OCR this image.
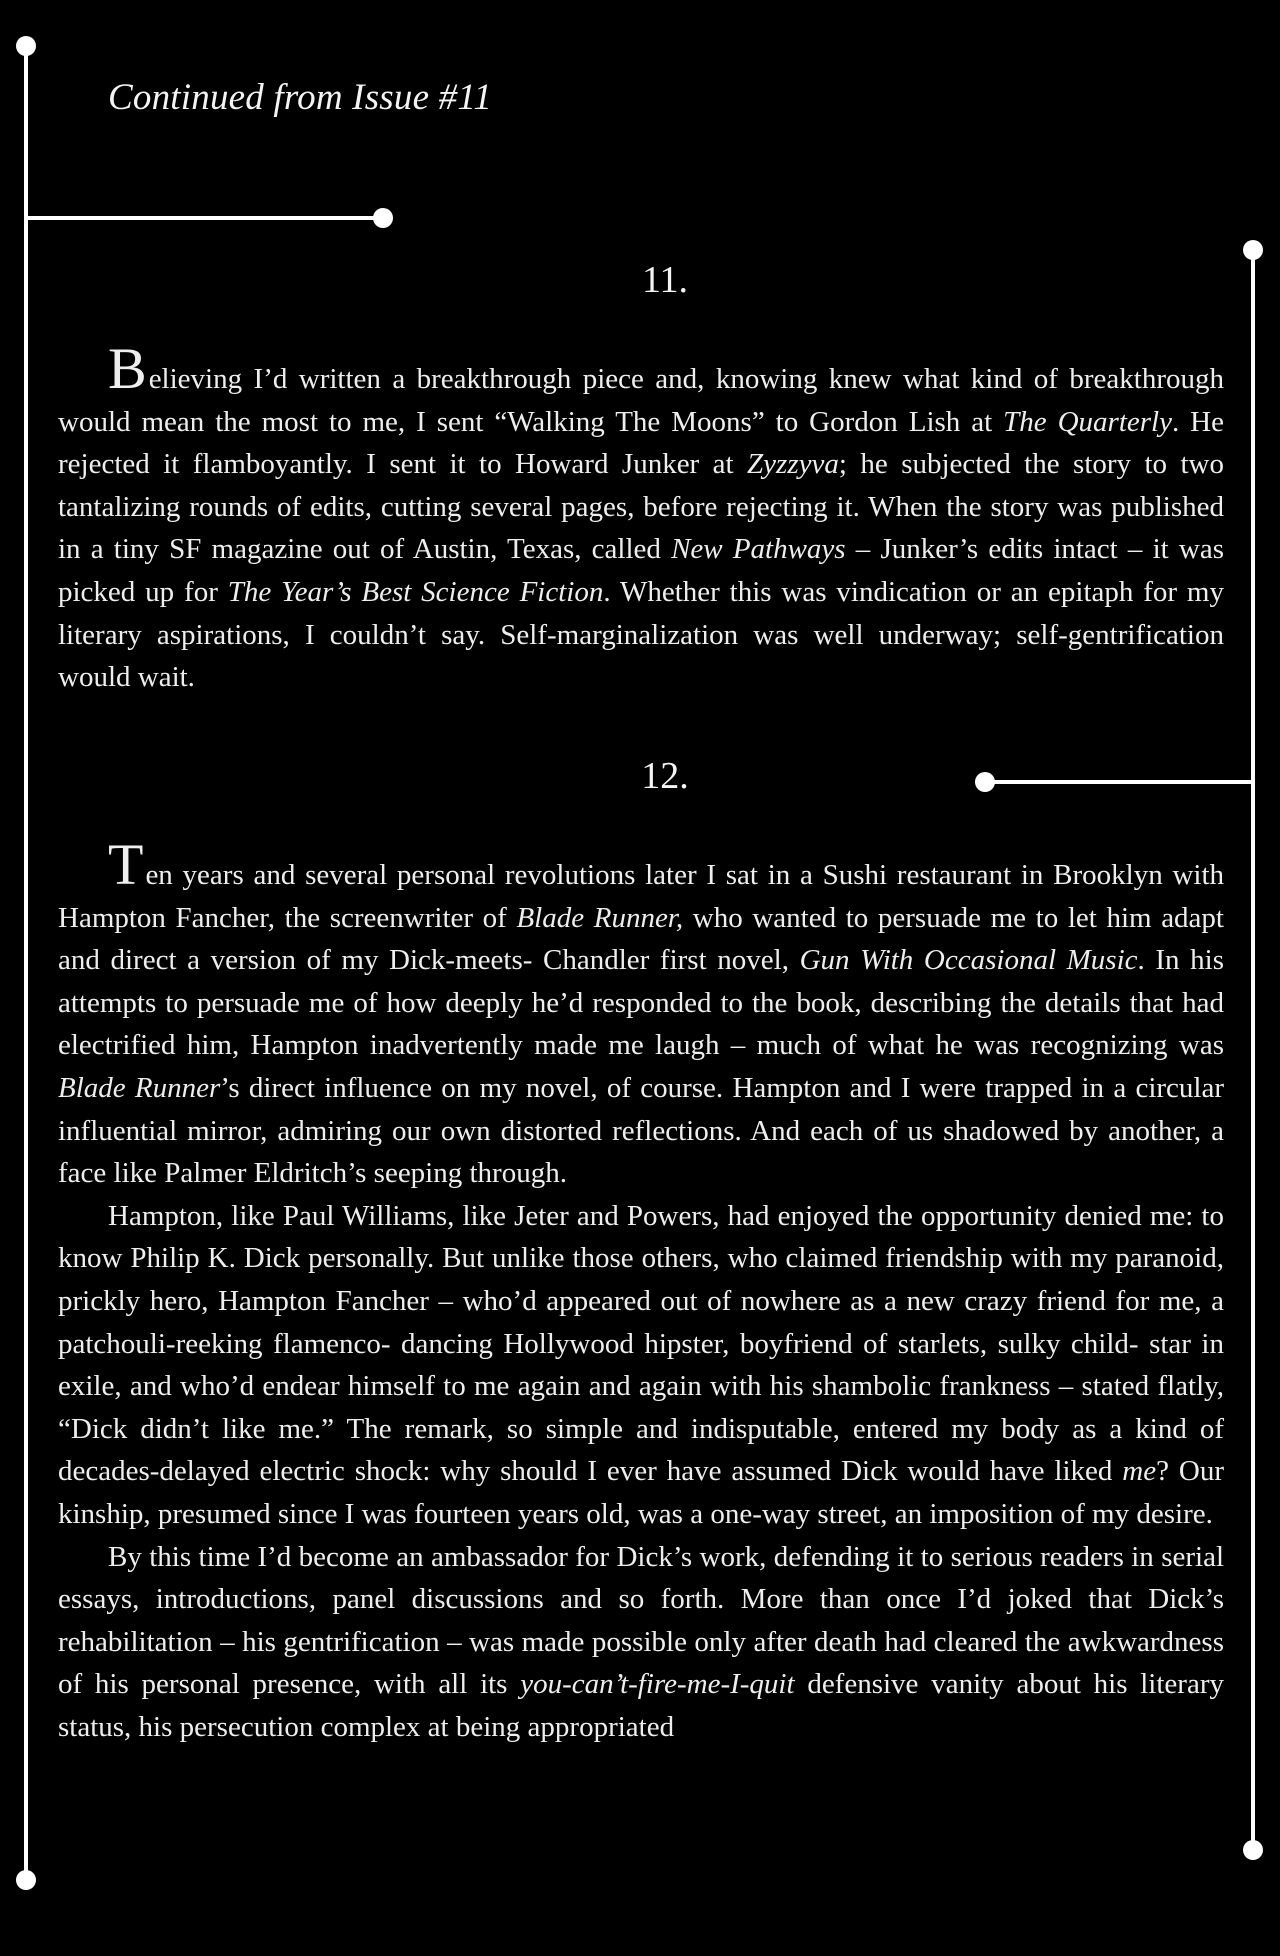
Continued from Issue #11
11.

Believing I’d written a breakthrough piece and, knowing knew what kind of breakthrough would mean the most to me, I sent “Walking The Moons” to Gordon Lish at The Quarterly. He rejected it flamboyantly. I sent it to Howard Junker at Zyzzyva; he subjected the story to two tantalizing rounds of edits, cutting several pages, before rejecting it. When the story was published in a tiny SF magazine out of Austin, Texas, called New Pathways – Junker’s edits intact – it was picked up for The Year’s Best Science Fiction. Whether this was vindication or an epitaph for my literary aspirations, I couldn’t say. Self-marginalization was well underway; self-gentrification would wait.

12.

Ten years and several personal revolutions later I sat in a Sushi restaurant in Brooklyn with Hampton Fancher, the screenwriter of Blade Runner, who wanted to persuade me to let him adapt and direct a version of my Dick-meets- Chandler first novel, Gun With Occasional Music. In his attempts to persuade me of how deeply he’d responded to the book, describing the details that had electrified him, Hampton inadvertently made me laugh – much of what he was recognizing was Blade Runner’s direct influence on my novel, of course. Hampton and I were trapped in a circular influential mirror, admiring our own distorted reflections. And each of us shadowed by another, a face like Palmer Eldritch’s seeping through.

Hampton, like Paul Williams, like Jeter and Powers, had enjoyed the opportunity denied me: to know Philip K. Dick personally. But unlike those others, who claimed friendship with my paranoid, prickly hero, Hampton Fancher – who’d appeared out of nowhere as a new crazy friend for me, a patchouli-reeking flamenco- dancing Hollywood hipster, boyfriend of starlets, sulky child- star in exile, and who’d endear himself to me again and again with his shambolic frankness – stated flatly, “Dick didn’t like me.” The remark, so simple and indisputable, entered my body as a kind of decades-delayed electric shock: why should I ever have assumed Dick would have liked me? Our kinship, presumed since I was fourteen years old, was a one-way street, an imposition of my desire.

By this time I’d become an ambassador for Dick’s work, defending it to serious readers in serial essays, introductions, panel discussions and so forth. More than once I’d joked that Dick’s rehabilitation – his gentrification – was made possible only after death had cleared the awkwardness of his personal presence, with all its you-can’t-fire-me-I-quit defensive vanity about his literary status, his persecution complex at being appropriated
